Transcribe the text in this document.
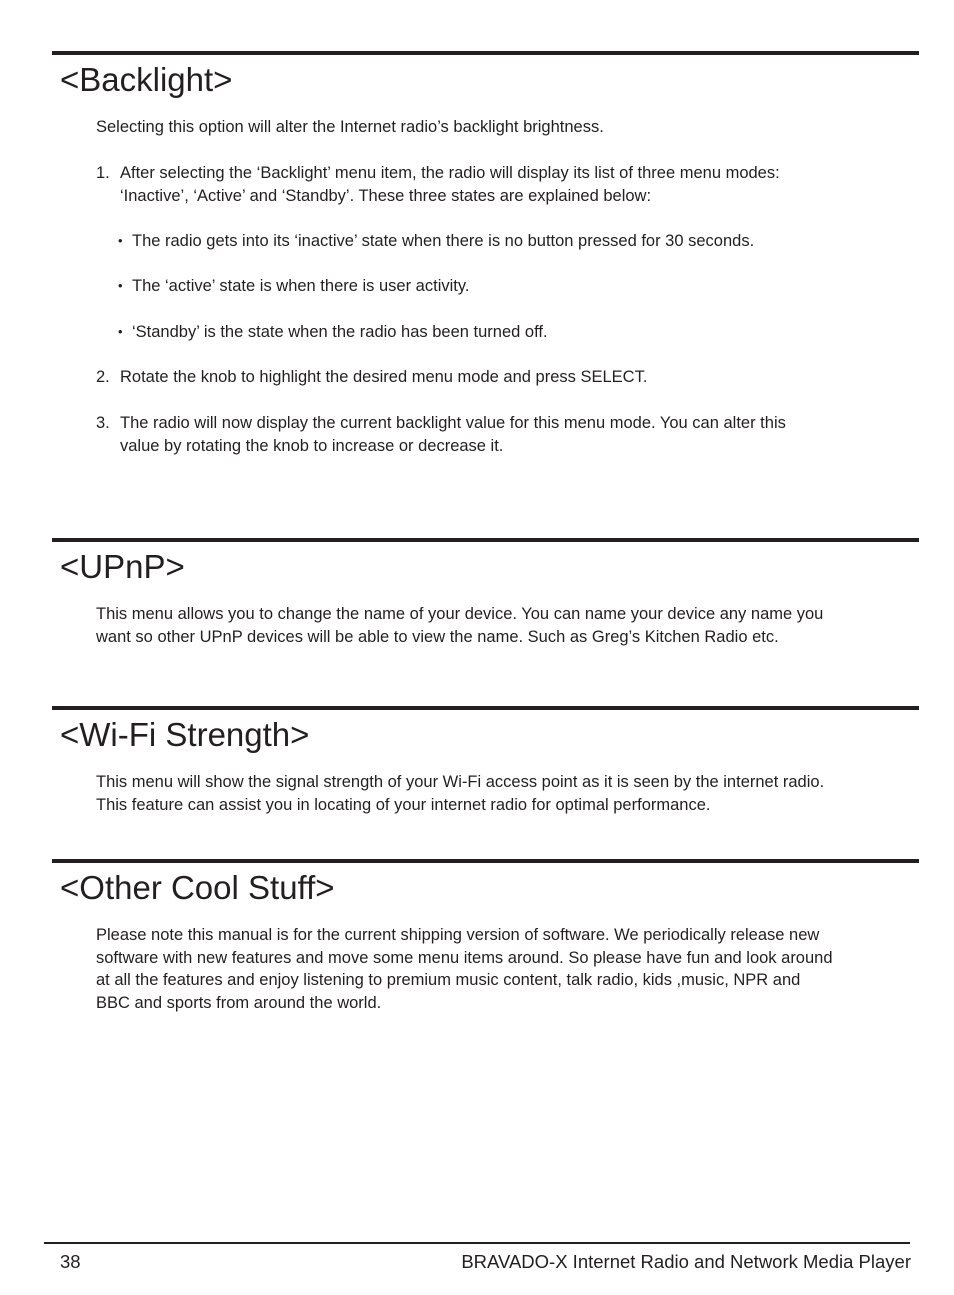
<Backlight>

Selecting this option will alter the Internet radio’s backlight brightness.

1. After selecting the ‘Backlight’ menu item, the radio will display its list of three menu modes: ‘Inactive’, ‘Active’ and ‘Standby’. These three states are explained below:
• The radio gets into its ‘inactive’ state when there is no button pressed for 30 seconds.
• The ‘active’ state is when there is user activity.
• ‘Standby’ is the state when the radio has been turned off.
2. Rotate the knob to highlight the desired menu mode and press SELECT.
3. The radio will now display the current backlight value for this menu mode. You can alter this value by rotating the knob to increase or decrease it.
<UPnP>

This menu allows you to change the name of your device. You can name your device any name you want so other UPnP devices will be able to view the name. Such as Greg’s Kitchen Radio etc.

<Wi-Fi Strength>

This menu will show the signal strength of your Wi-Fi access point as it is seen by the internet radio. This feature can assist you in locating of your internet radio for optimal performance.

<Other Cool Stuff>

Please note this manual is for the current shipping version of software. We periodically release new software with new features and move some menu items around. So please have fun and look around at all the features and enjoy listening to premium music content, talk radio, kids ,music, NPR and BBC and sports from around the world.

38	BRAVADO-X Internet Radio and Network Media Player
